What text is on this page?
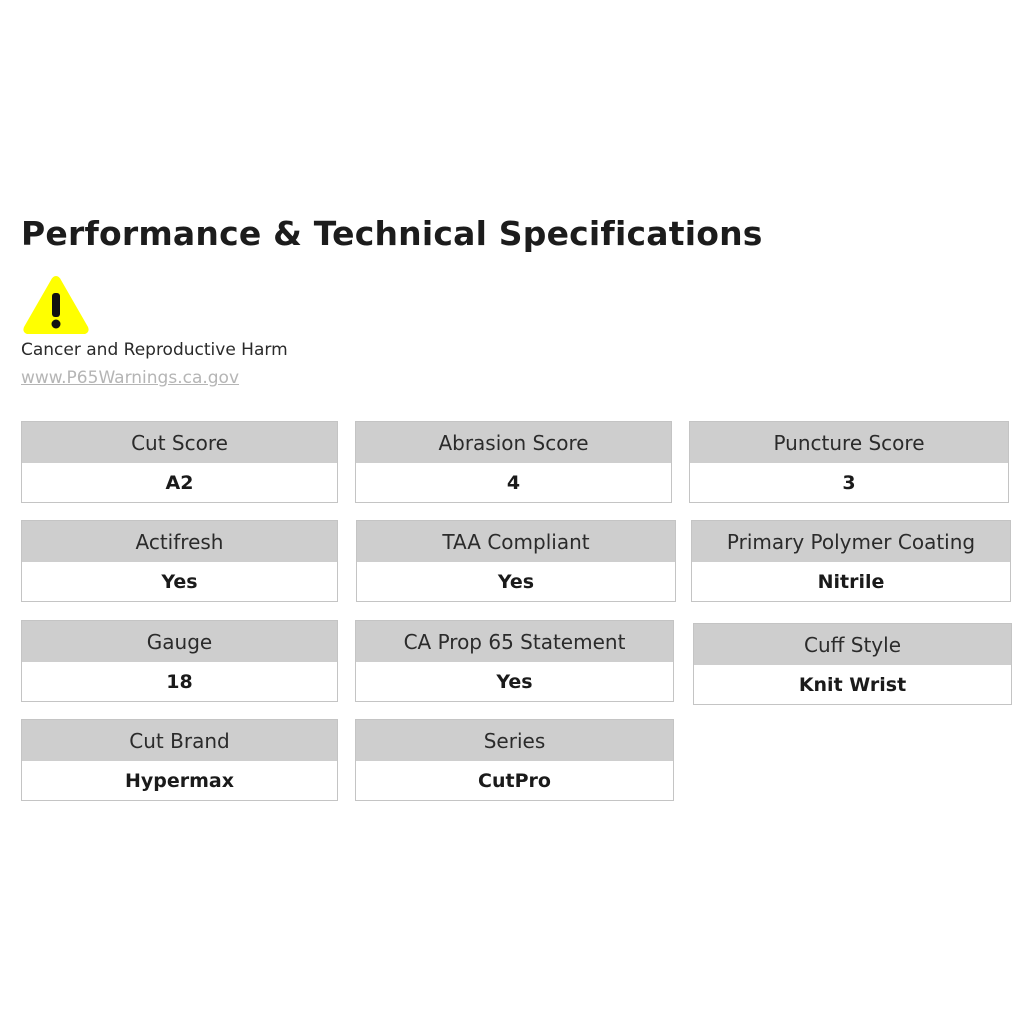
Performance & Technical Specifications
Cancer and Reproductive Harm
www.P65Warnings.ca.gov
Cut Score
A2
Abrasion Score
4
Puncture Score
3
Actifresh
Yes
TAA Compliant
Yes
Primary Polymer Coating
Nitrile
Gauge
18
CA Prop 65 Statement
Yes
Cuff Style
Knit Wrist
Cut Brand
Hypermax
Series
CutPro
